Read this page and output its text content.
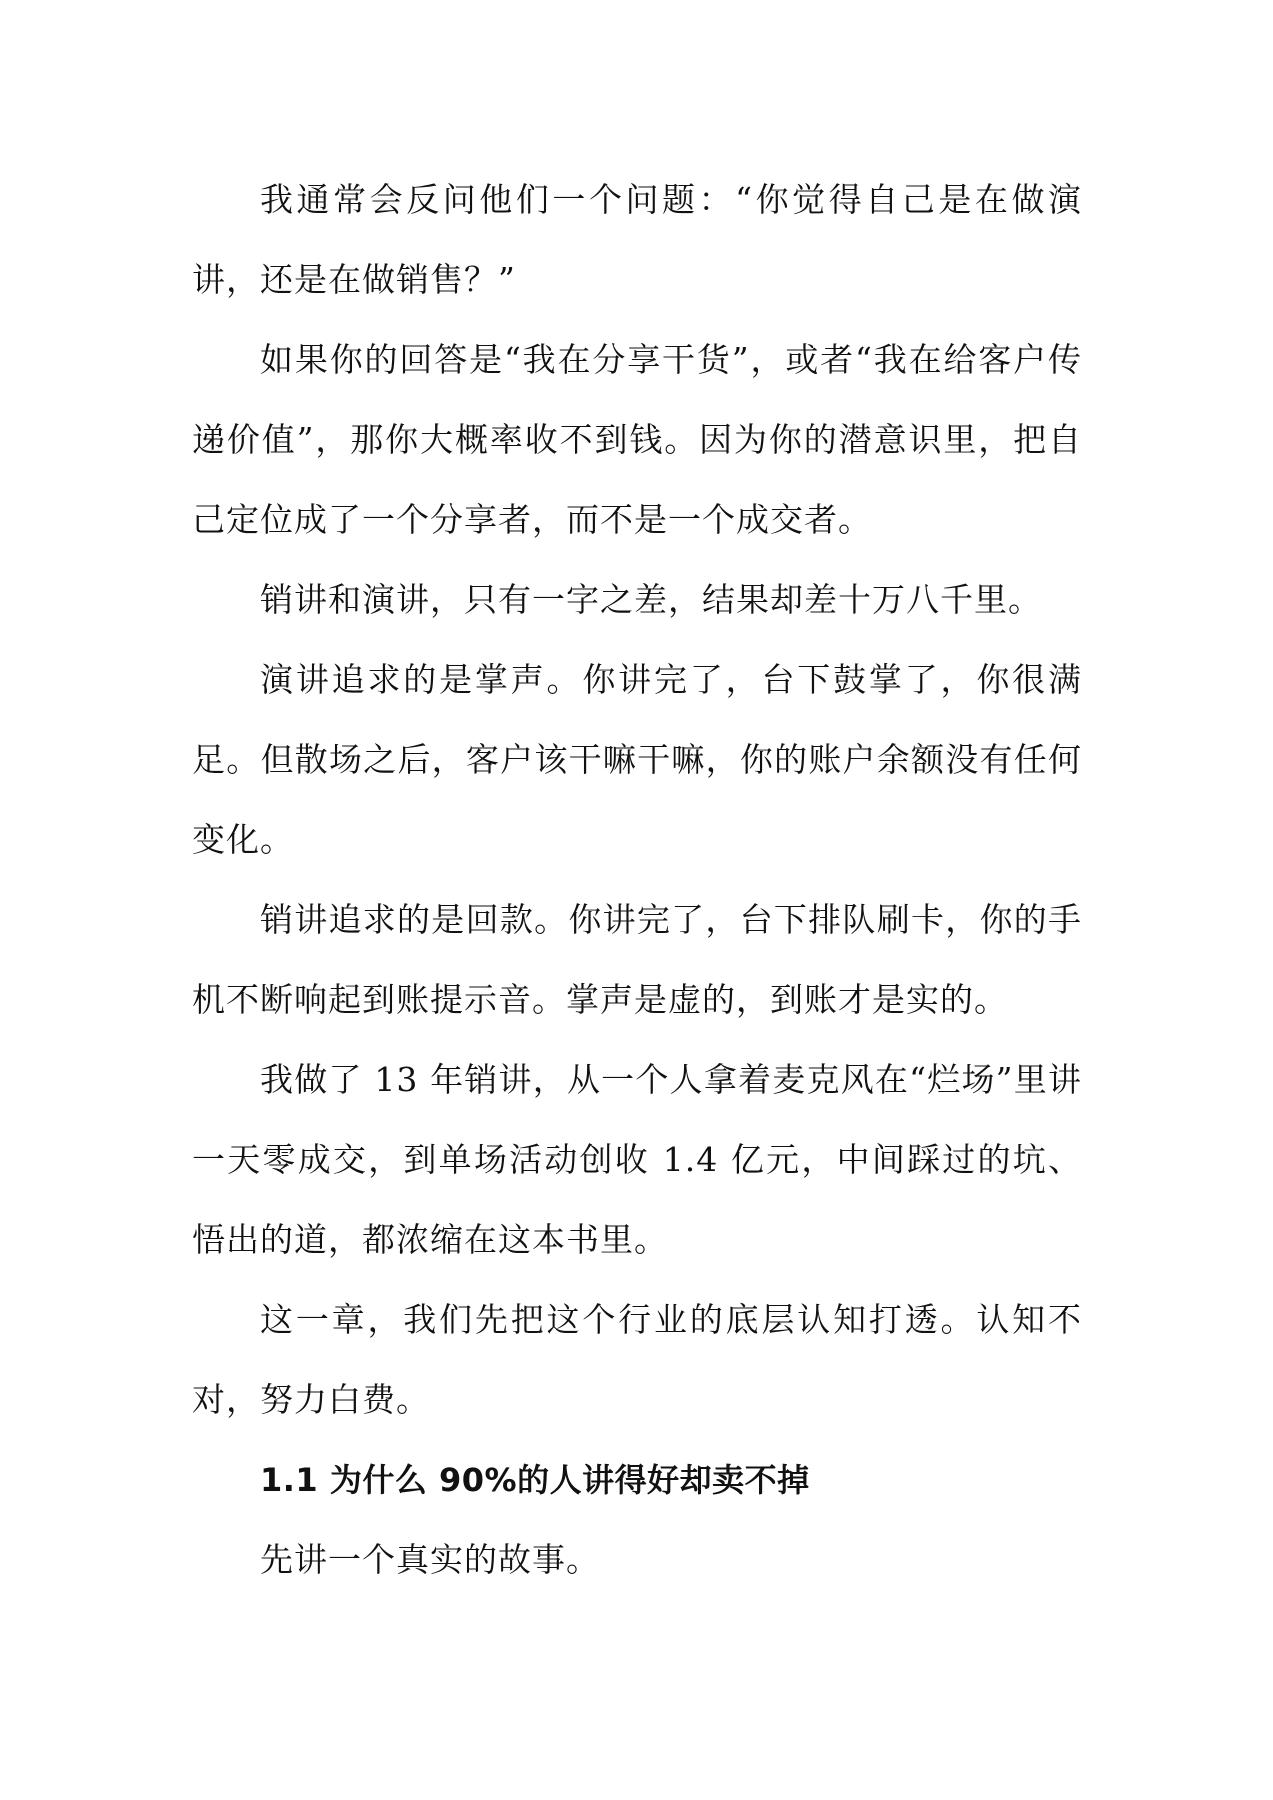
我通常会反问他们一个问题：“你觉得自己是在做演讲，还是在做销售？”

如果你的回答是“我在分享干货”，或者“我在给客户传递价值”，那你大概率收不到钱。因为你的潜意识里，把自己定位成了一个分享者，而不是一个成交者。

销讲和演讲，只有一字之差，结果却差十万八千里。

演讲追求的是掌声。你讲完了，台下鼓掌了，你很满足。但散场之后，客户该干嘛干嘛，你的账户余额没有任何变化。

销讲追求的是回款。你讲完了，台下排队刷卡，你的手机不断响起到账提示音。掌声是虚的，到账才是实的。

我做了 13 年销讲，从一个人拿着麦克风在“烂场”里讲一天零成交，到单场活动创收 1.4 亿元，中间踩过的坑、悟出的道，都浓缩在这本书里。

这一章，我们先把这个行业的底层认知打透。认知不对，努力白费。

1.1 为什么 90%的人讲得好却卖不掉

先讲一个真实的故事。
